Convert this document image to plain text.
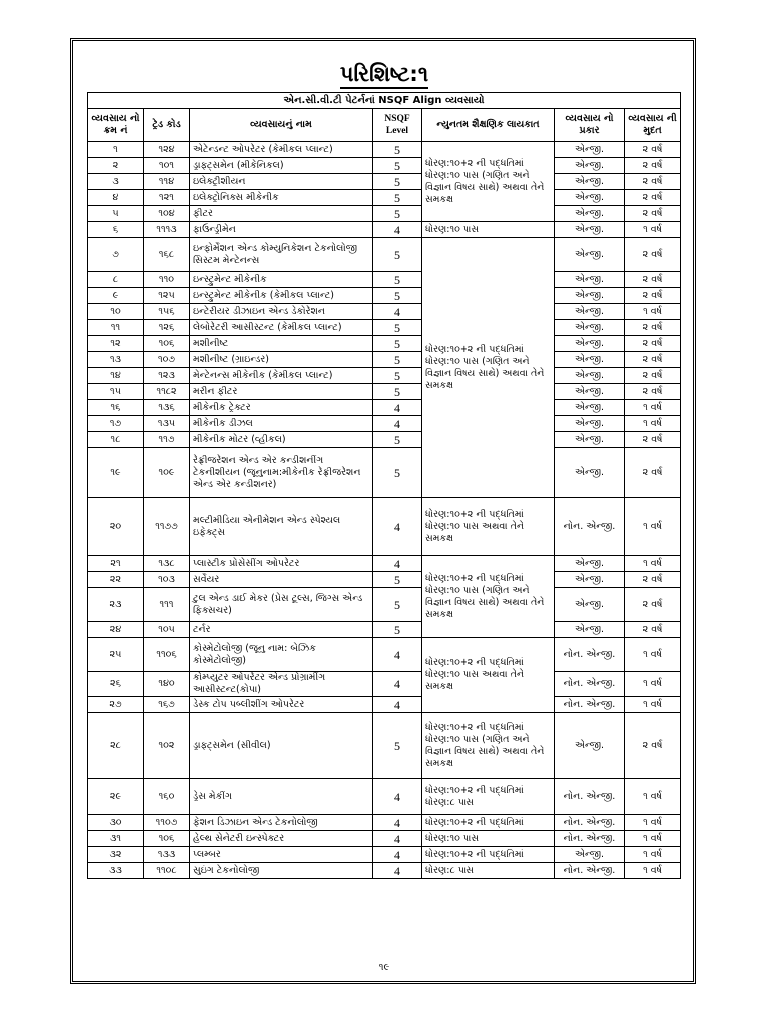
પરિશિષ્ટ:૧
એન.સી.વી.ટી પેટર્નનાં NSQF Align વ્યવસાયો						
વ્યવસાય નો ક્રમ નં	ટ્રેડ કોડ	વ્યવસાયનું નામ	NSQF Level	ન્યુનતમ શૈક્ષણિક લાયકાત	વ્યવસાય નો પ્રકાર	વ્યવસાય ની મુદત
૧	૧૨૪	એટેન્ડન્ટ ઓપરેટર (કેમીકલ પ્લાન્ટ)	5	ધોરણ:૧૦+૨ ની પદ્ધતિમાં ધોરણ:૧૦ પાસ (ગણિત અને વિજ્ઞાન વિષય સાથે) અથવા તેને સમકક્ષ	એન્જી.	૨ વર્ષ
૨	૧૦૧	ડ્રાફ્ટ્સમેન (મીકેનિકલ)	5		એન્જી.	૨ વર્ષ
૩	૧૧૪	ઇલેક્ટ્રીશીયન	5		એન્જી.	૨ વર્ષ
૪	૧૨૧	ઇલેક્ટ્રોનિક્સ મીકેનીક	5		એન્જી.	૨ વર્ષ
૫	૧૦૪	ફીટર	5		એન્જી.	૨ વર્ષ
૬	૧૧૧૩	ફાઉન્ડ્રીમેન	4	ધોરણ:૧૦ પાસ	એન્જી.	૧ વર્ષ
૭	૧૬૮	ઇન્ફોર્મેશન એન્ડ કોમ્યુનિકેશન ટેકનોલોજી સિસ્ટમ મેન્ટેનન્સ	5	ધોરણ:૧૦+૨ ની પદ્ધતિમાં ધોરણ:૧૦ પાસ (ગણિત અને વિજ્ઞાન વિષય સાથે) અથવા તેને સમકક્ષ	એન્જી.	૨ વર્ષ
૮	૧૧૦	ઇન્સ્ટ્રુમેન્ટ મીકેનીક	5		એન્જી.	૨ વર્ષ
૯	૧૨૫	ઇન્સ્ટ્રુમેન્ટ મીકેનીક (કેમીકલ પ્લાન્ટ)	5		એન્જી.	૨ વર્ષ
૧૦	૧૫૬	ઇન્ટેરીયર ડીઝાઇન એન્ડ ડેકોરેશન	4		એન્જી.	૧ વર્ષ
૧૧	૧૨૬	લેબોરેટરી આસીસ્ટન્ટ (કેમીકલ પ્લાન્ટ)	5		એન્જી.	૨ વર્ષ
૧૨	૧૦૬	મશીનીષ્ટ	5		એન્જી.	૨ વર્ષ
૧૩	૧૦૭	મશીનીષ્ટ (ગ્રાઇન્ડર)	5		એન્જી.	૨ વર્ષ
૧૪	૧૨૩	મેન્ટેનન્સ મીકેનીક (કેમીકલ પ્લાન્ટ)	5		એન્જી.	૨ વર્ષ
૧૫	૧૧૮૨	મરીન ફીટર	5		એન્જી.	૨ વર્ષ
૧૬	૧૩૬	મીકેનીક ટ્રેક્ટર	4		એન્જી.	૧ વર્ષ
૧૭	૧૩૫	મીકેનીક ડીઝલ	4		એન્જી.	૧ વર્ષ
૧૮	૧૧૭	મીકેનીક મોટર (વ્હીકલ)	5		એન્જી.	૨ વર્ષ
૧૯	૧૦૯	રેફ્રીજરેશન એન્ડ એર કન્ડીશનીંગ ટેકનીશીયન (જૂનુનામ:મીકેનીક રેફ્રીજરેશન એન્ડ એર કન્ડીશનર)	5		એન્જી.	૨ વર્ષ
૨૦	૧૧૭૭	મલ્ટીમીડિયા એનીમેશન એન્ડ સ્પેશ્યલ ઇફેક્ટ્સ	4	ધોરણ:૧૦+૨ ની પદ્ધતિમાં ધોરણ:૧૦ પાસ અથવા તેને સમકક્ષ	નોન. એન્જી.	૧ વર્ષ
૨૧	૧૩૮	પ્લાસ્ટીક પ્રોસેસીંગ ઓપરેટર	4	ધોરણ:૧૦+૨ ની પદ્ધતિમાં ધોરણ:૧૦ પાસ (ગણિત અને વિજ્ઞાન વિષય સાથે) અથવા તેને સમકક્ષ	એન્જી.	૧ વર્ષ
૨૨	૧૦૩	સર્વેયર	5		એન્જી.	૨ વર્ષ
૨૩	૧૧૧	ટુલ એન્ડ ડાઈ મેકર (પ્રેસ ટૂલ્સ, જિગ્સ એન્ડ ફિક્સચર)	5		એન્જી.	૨ વર્ષ
૨૪	૧૦૫	ટર્નર	5		એન્જી.	૨ વર્ષ
૨૫	૧૧૦૬	કોસ્મેટોલોજી (જૂનુ નામ: બેઝિક કોસ્મેટોલોજી)	4	ધોરણ:૧૦+૨ ની પદ્ધતિમાં ધોરણ:૧૦ પાસ અથવા તેને સમકક્ષ	નોન. એન્જી.	૧ વર્ષ
૨૬	૧૪૦	કોમ્પ્યુટર ઓપરેટર એન્ડ પ્રોગ્રામીંગ આસીસ્ટન્ટ(કોપા)	4		નોન. એન્જી.	૧ વર્ષ
૨૭	૧૬૭	ડેસ્ક ટોપ પબ્લીશીંગ ઓપરેટર	4		નોન. એન્જી.	૧ વર્ષ
૨૮	૧૦૨	ડ્રાફ્ટ્સમેન (સીવીલ)	5	ધોરણ:૧૦+૨ ની પદ્ધતિમાં ધોરણ:૧૦ પાસ (ગણિત અને વિજ્ઞાન વિષય સાથે) અથવા તેને સમકક્ષ	એન્જી.	૨ વર્ષ
૨૯	૧૬૦	ડ્રેસ મેકીંગ	4	ધોરણ:૧૦+૨ ની પદ્ધતિમાં ધોરણ:૮ પાસ	નોન. એન્જી.	૧ વર્ષ
૩૦	૧૧૦૭	ફેશન ડિઝાઇન એન્ડ ટેકનોલોજી	4	ધોરણ:૧૦+૨ ની પદ્ધતિમાં	નોન. એન્જી.	૧ વર્ષ
૩૧	૧૦૬	હેલ્થ સેનેટરી ઇન્સ્પેક્ટર	4	ધોરણ:૧૦ પાસ	નોન. એન્જી.	૧ વર્ષ
૩૨	૧૩૩	પ્લમ્બર	4	ધોરણ:૧૦+૨ ની પદ્ધતિમાં	એન્જી.	૧ વર્ષ
૩૩	૧૧૦૮	સુઇંગ ટેકનોલોજી	4	ધોરણ:૮ પાસ	નોન. એન્જી.	૧ વર્ષ
૧૯
